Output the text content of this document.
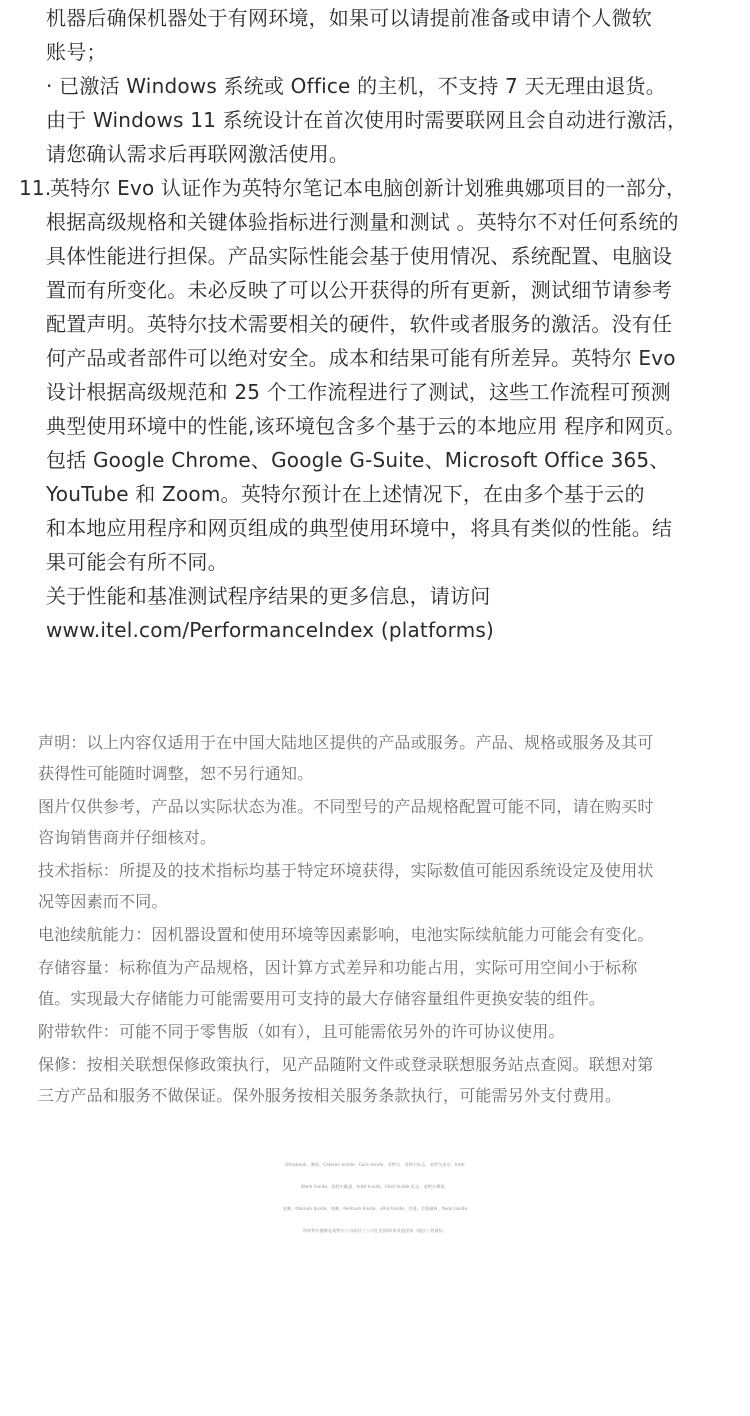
机器后确保机器处于有网环境，如果可以请提前准备或申请个人微软
账号；
· 已激活 Windows 系统或 Office 的主机，不支持 7 天无理由退货。
由于 Windows 11 系统设计在首次使用时需要联网且会自动进行激活，
请您确认需求后再联网激活使用。
11.
英特尔 Evo 认证作为英特尔笔记本电脑创新计划雅典娜项目的一部分，
根据高级规格和关键体验指标进行测量和测试 。英特尔不对任何系统的
具体性能进行担保。产品实际性能会基于使用情况、系统配置、电脑设
置而有所变化。未必反映了可以公开获得的所有更新，测试细节请参考
配置声明。英特尔技术需要相关的硬件，软件或者服务的激活。没有任
何产品或者部件可以绝对安全。成本和结果可能有所差异。英特尔 Evo
设计根据高级规范和 25 个工作流程进行了测试，这些工作流程可预测
典型使用环境中的性能,该环境包含多个基于云的本地应用 程序和网页。
包括 Google Chrome、Google G-Suite、Microsoft Office 365、
YouTube 和 Zoom。英特尔预计在上述情况下，在由多个基于云的
和本地应用程序和网页组成的典型使用环境中，将具有类似的性能。结
果可能会有所不同。
关于性能和基准测试程序结果的更多信息，请访问
www.itel.com/PerformanceIndex (platforms)
声明：以上内容仅适用于在中国大陆地区提供的产品或服务。产品、规格或服务及其可
获得性可能随时调整，恕不另行通知。
图片仅供参考，产品以实际状态为准。不同型号的产品规格配置可能不同，请在购买时
咨询销售商并仔细核对。
技术指标：所提及的技术指标均基于特定环境获得，实际数值可能因系统设定及使用状
况等因素而不同。
电池续航能力：因机器设置和使用环境等因素影响，电池实际续航能力可能会有变化。
存储容量：标称值为产品规格，因计算方式差异和功能占用，实际可用空间小于标称
值。实现最大存储能力可能需要用可支持的最大存储容量组件更换安装的组件。
附带软件：可能不同于零售版（如有），且可能需依另外的许可协议使用。
保修：按相关联想保修政策执行，见产品随附文件或登录联想服务站点查阅。联想对第
三方产品和服务不做保证。保外服务按相关服务条款执行，可能需另外支付费用。
Ultrabook、赛扬、Celeron Inside、Core Inside、英特尔、英特尔标志、英特尔凌动、Intel
Atom Inside、英特尔酷睿、Intel Inside、Intel Inside 标志、英特尔博锐、
安腾、Itanium Inside、奔腾、Pentium Inside、vPro Inside、至强、至强融核、Xeon Inside
和英特尔傲腾是英特尔公司或其子公司在美国和/或其他国家（地区）的商标。
